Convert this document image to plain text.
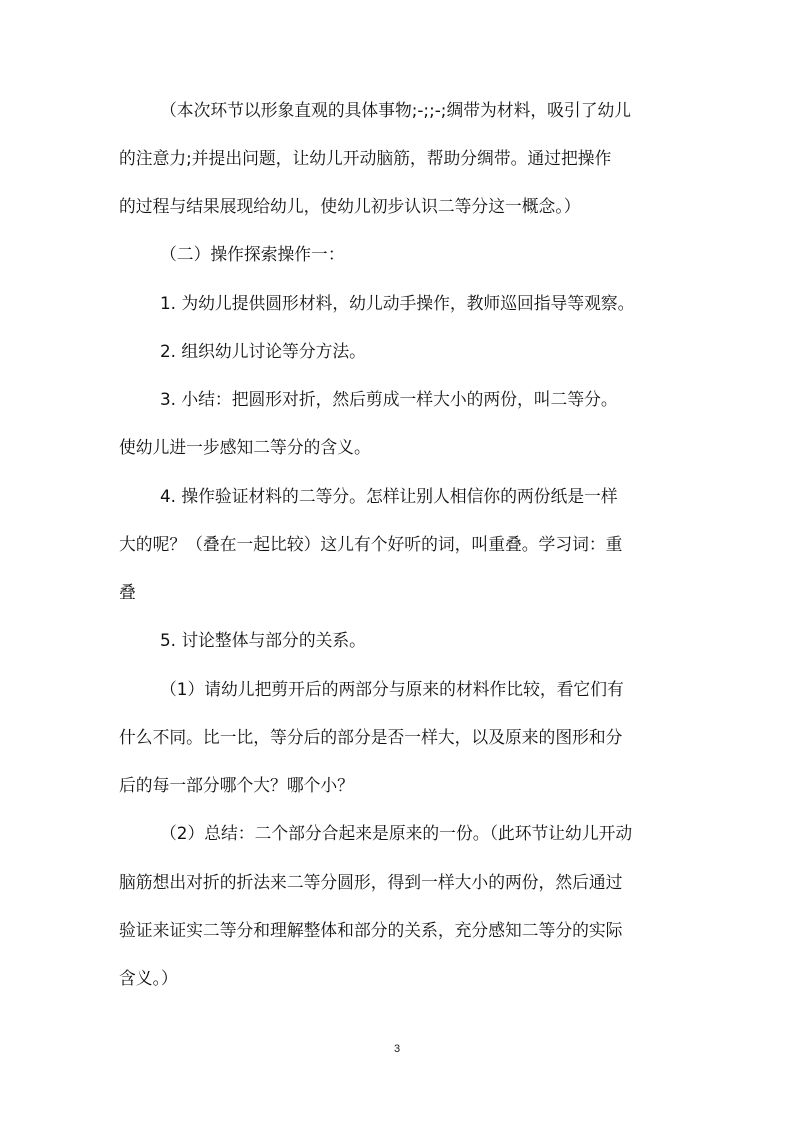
（本次环节以形象直观的具体事物;-;;-;绸带为材料，吸引了幼儿
的注意力;并提出问题，让幼儿开动脑筋，帮助分绸带。通过把操作
的过程与结果展现给幼儿，使幼儿初步认识二等分这一概念。）
（二）操作探索操作一：
1. 为幼儿提供圆形材料，幼儿动手操作，教师巡回指导等观察。
2. 组织幼儿讨论等分方法。
3. 小结：把圆形对折，然后剪成一样大小的两份，叫二等分。
使幼儿进一步感知二等分的含义。
4. 操作验证材料的二等分。怎样让别人相信你的两份纸是一样
大的呢？（叠在一起比较）这儿有个好听的词，叫重叠。学习词：重
叠
5. 讨论整体与部分的关系。
（1）请幼儿把剪开后的两部分与原来的材料作比较，看它们有
什么不同。比一比，等分后的部分是否一样大，以及原来的图形和分
后的每一部分哪个大？哪个小？
（2）总结：二个部分合起来是原来的一份。（此环节让幼儿开动
脑筋想出对折的折法来二等分圆形，得到一样大小的两份，然后通过
验证来证实二等分和理解整体和部分的关系，充分感知二等分的实际
含义。）
3
